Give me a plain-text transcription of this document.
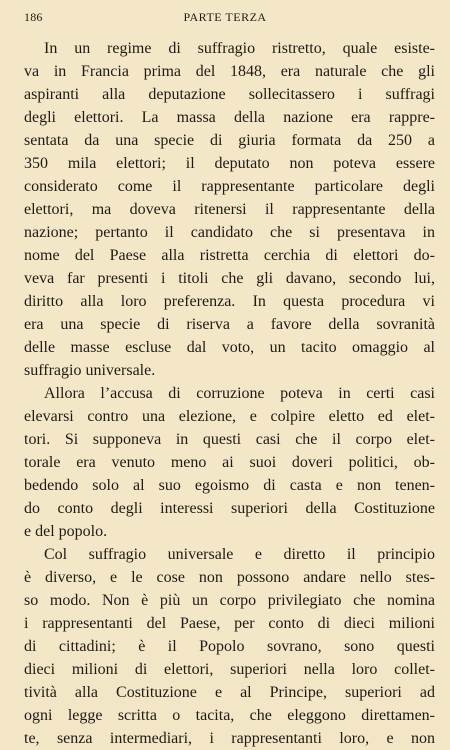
186	PARTE TERZA
In un regime di suffragio ristretto, quale esiste-
va in Francia prima del 1848, era naturale che gli
aspiranti alla deputazione sollecitassero i suffragi
degli elettori. La massa della nazione era rappre-
sentata da una specie di giuria formata da 250 a
350 mila elettori; il deputato non poteva essere
considerato come il rappresentante particolare degli
elettori, ma doveva ritenersi il rappresentante della
nazione; pertanto il candidato che si presentava in
nome del Paese alla ristretta cerchia di elettori do-
veva far presenti i titoli che gli davano, secondo lui,
diritto alla loro preferenza. In questa procedura vi
era una specie di riserva a favore della sovranità
delle masse escluse dal voto, un tacito omaggio al
suffragio universale.
Allora l’accusa di corruzione poteva in certi casi
elevarsi contro una elezione, e colpire eletto ed elet-
tori. Si supponeva in questi casi che il corpo elet-
torale era venuto meno ai suoi doveri politici, ob-
bedendo solo al suo egoismo di casta e non tenen-
do conto degli interessi superiori della Costituzione
e del popolo.
Col suffragio universale e diretto il principio
è diverso, e le cose non possono andare nello stes-
so modo. Non è più un corpo privilegiato che nomina
i rappresentanti del Paese, per conto di dieci milioni
di cittadini; è il Popolo sovrano, sono questi
dieci milioni di elettori, superiori nella loro collet-
tività alla Costituzione e al Principe, superiori ad
ogni legge scritta o tacita, che eleggono direttamen-
te, senza intermediari, i rappresentanti loro, e non
